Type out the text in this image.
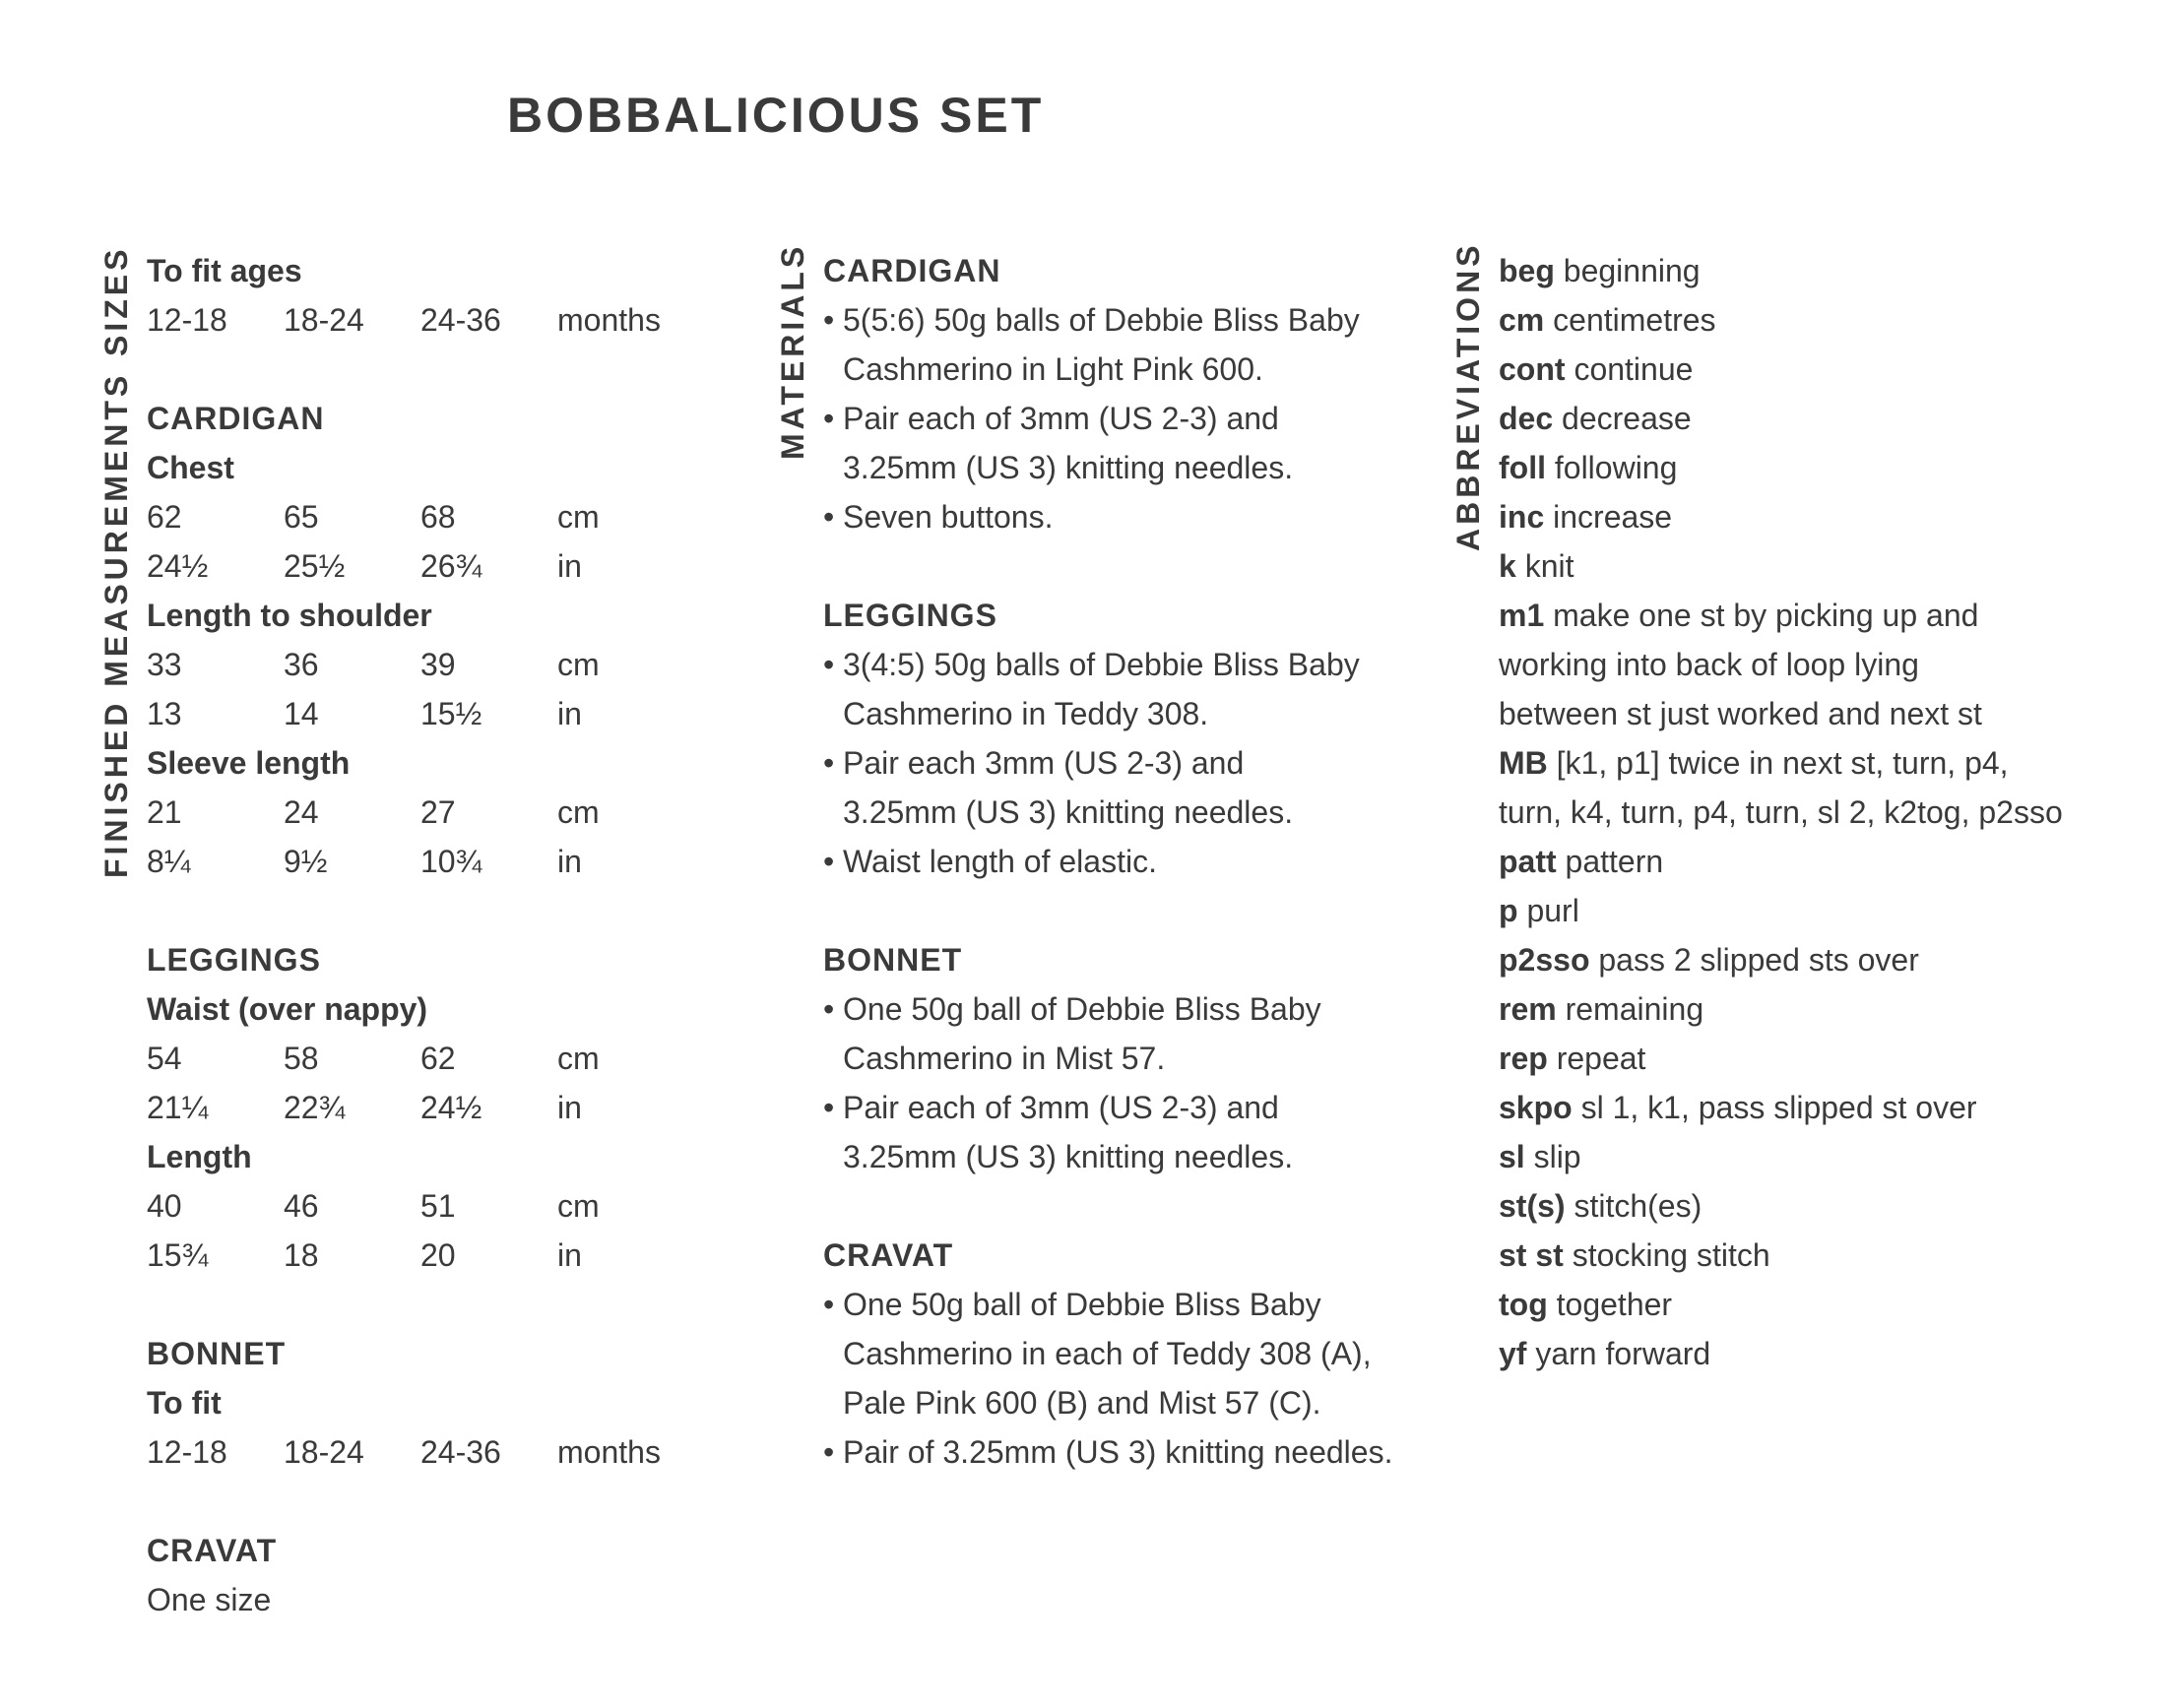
BOBBALICIOUS SET
SIZES
FINISHED MEASUREMENTS
MATERIALS	ABBREVIATIONS
To fit ages
12-18	18-24	24-36	months
CARDIGAN
Chest
62	65	68	cm
24½	25½	26¾	in
Length to shoulder
33	36	39	cm
13	14	15½	in
Sleeve length
21	24	27	cm
8¼	9½	10¾	in
LEGGINGS
Waist (over nappy)
54	58	62	cm
21¼	22¾	24½	in
Length
40	46	51	cm
15¾	18	20	in
BONNET
To fit
12-18	18-24	24-36	months
CRAVAT
One size
CARDIGAN
• 5(5:6) 50g balls of Debbie Bliss Baby
Cashmerino in Light Pink 600.
• Pair each of 3mm (US 2-3) and
3.25mm (US 3) knitting needles.
• Seven buttons.
LEGGINGS
• 3(4:5) 50g balls of Debbie Bliss Baby
Cashmerino in Teddy 308.
• Pair each 3mm (US 2-3) and
3.25mm (US 3) knitting needles.
• Waist length of elastic.
BONNET
• One 50g ball of Debbie Bliss Baby
Cashmerino in Mist 57.
• Pair each of 3mm (US 2-3) and
3.25mm (US 3) knitting needles.
CRAVAT
• One 50g ball of Debbie Bliss Baby
Cashmerino in each of Teddy 308 (A),
Pale Pink 600 (B) and Mist 57 (C).
• Pair of 3.25mm (US 3) knitting needles.
beg beginning
cm centimetres
cont continue
dec decrease
foll following
inc increase
k knit
m1 make one st by picking up and
working into back of loop lying
between st just worked and next st
MB [k1, p1] twice in next st, turn, p4,
turn, k4, turn, p4, turn, sl 2, k2tog, p2sso
patt pattern
p purl
p2sso pass 2 slipped sts over
rem remaining
rep repeat
skpo sl 1, k1, pass slipped st over
sl slip
st(s) stitch(es)
st st stocking stitch
tog together
yf yarn forward
